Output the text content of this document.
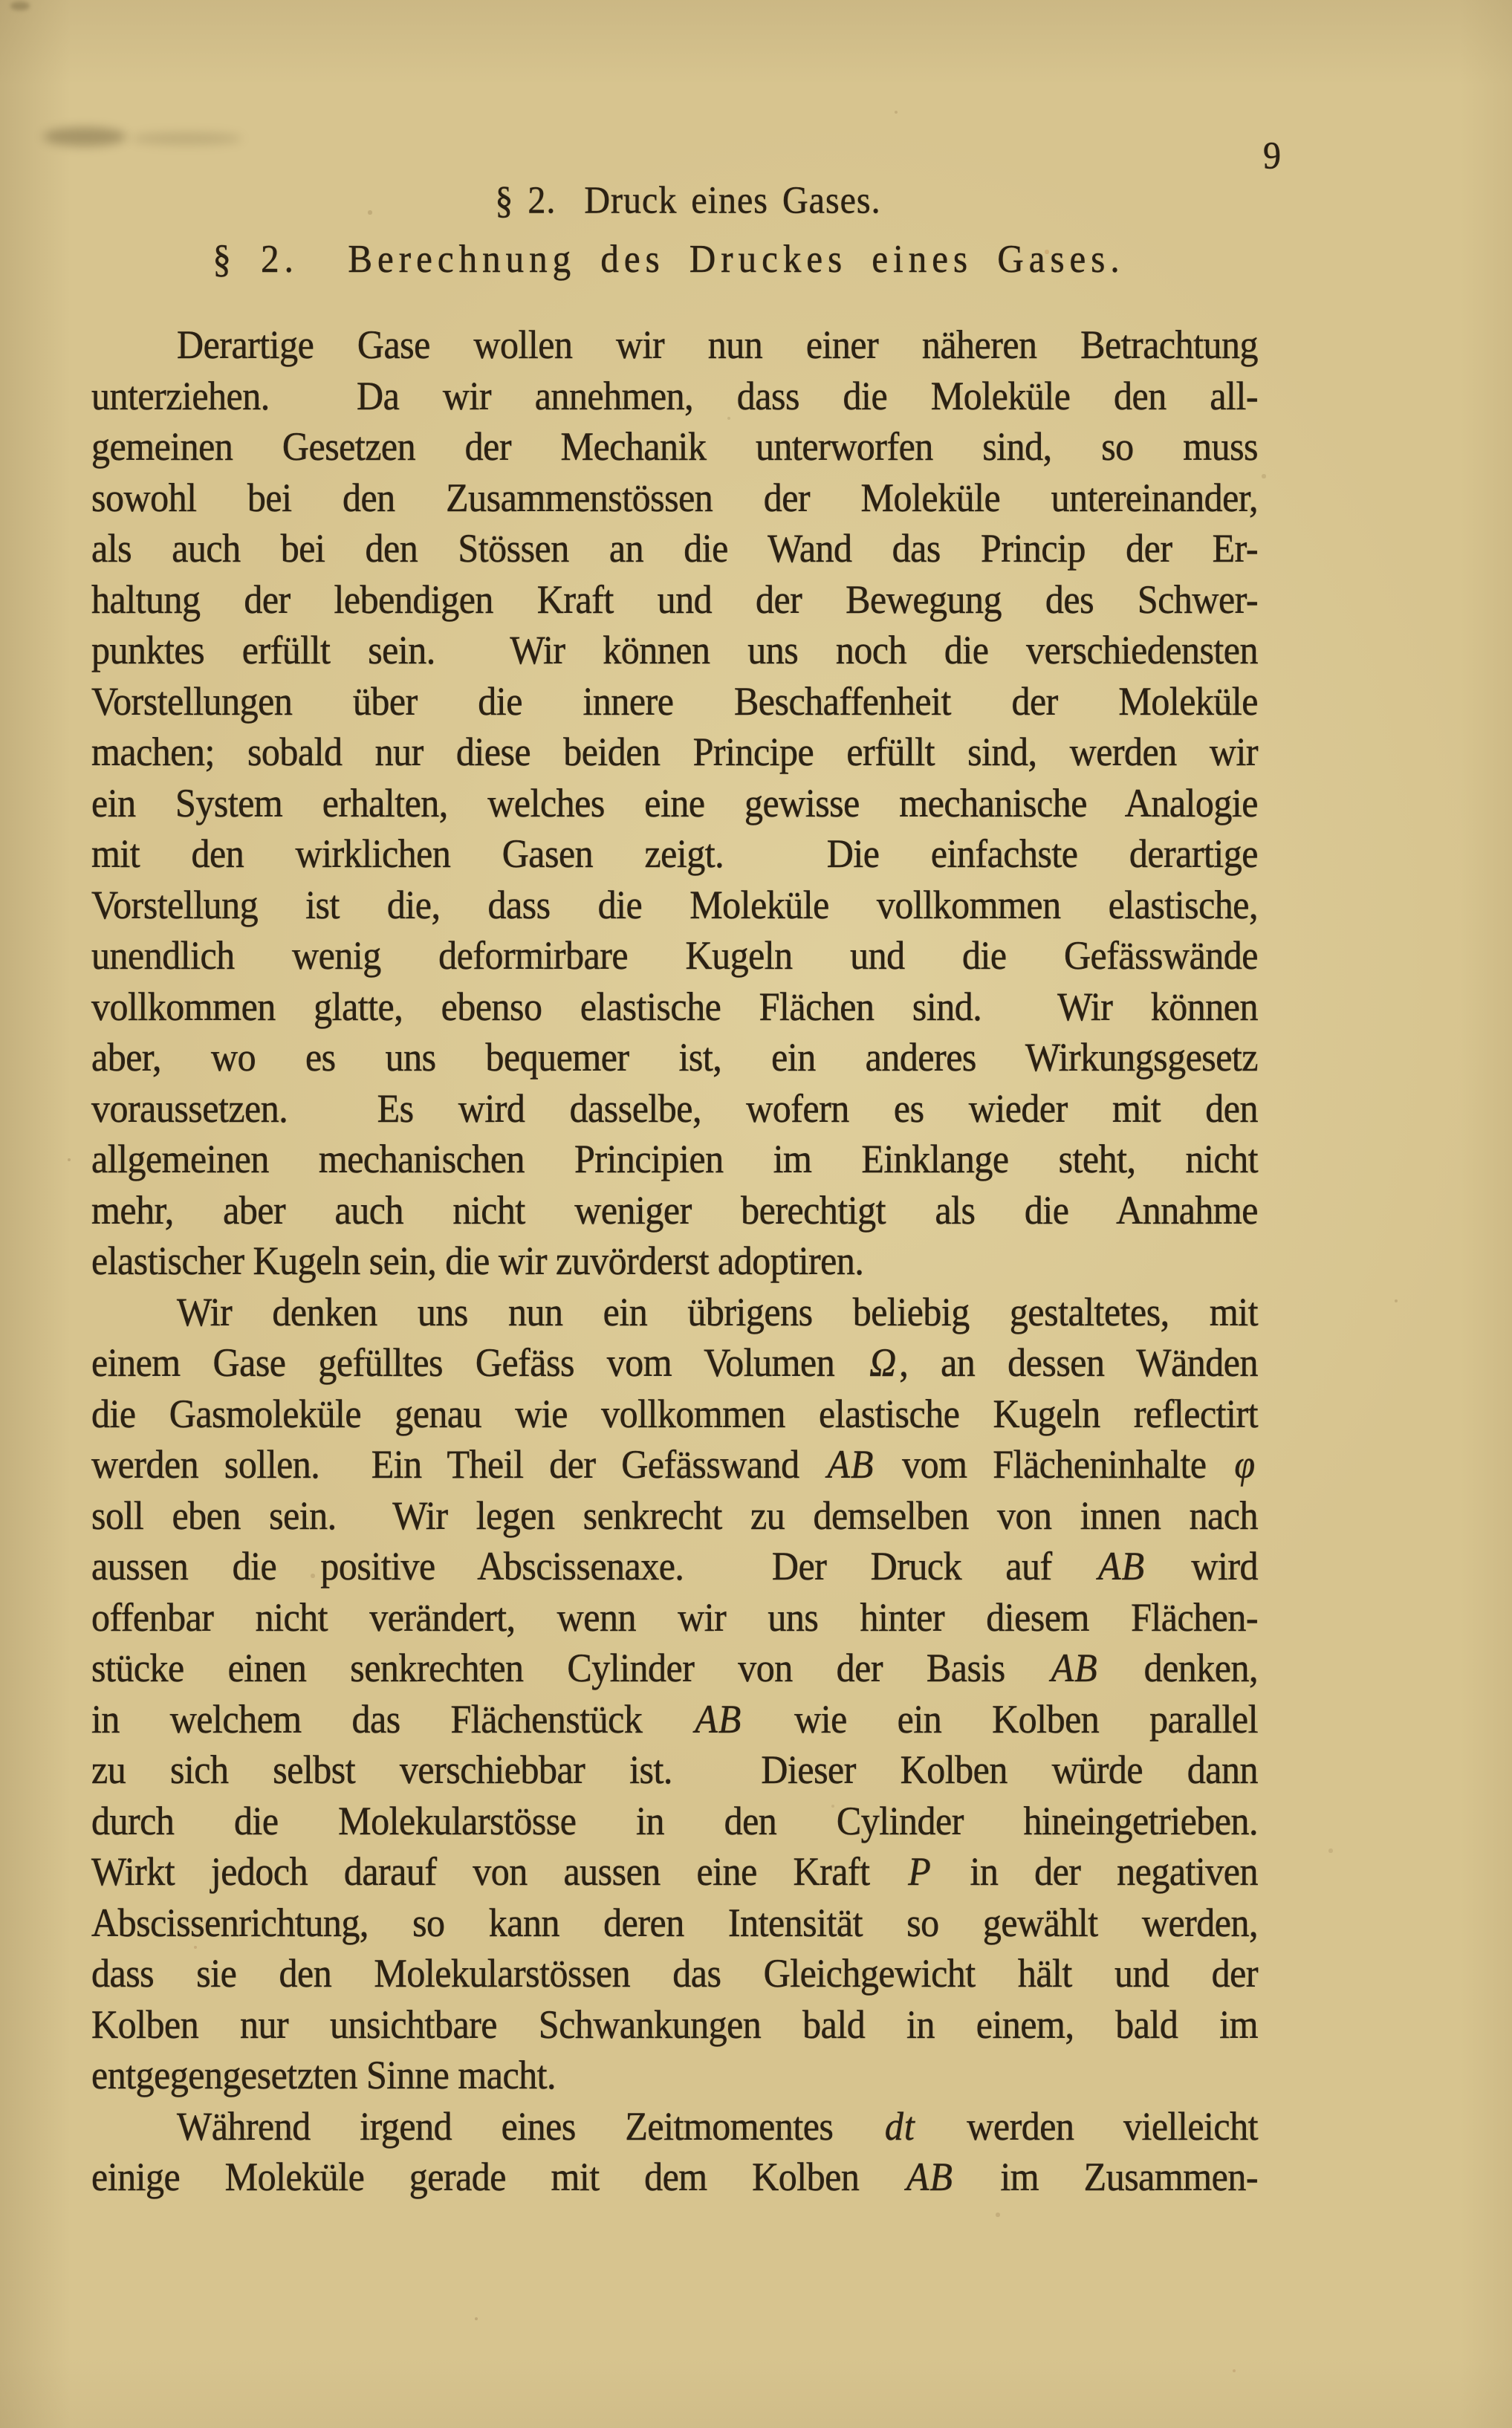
§ 2.  Druck eines Gases.

9

§ 2.  Berechnung des Druckes eines Gases.
Derartige Gase wollen wir nun einer näheren Betrachtung
unterziehen.  Da wir annehmen, dass die Moleküle den all-
gemeinen Gesetzen der Mechanik unterworfen sind, so muss
sowohl bei den Zusammenstössen der Moleküle untereinander,
als auch bei den Stössen an die Wand das Princip der Er-
haltung der lebendigen Kraft und der Bewegung des Schwer-
punktes erfüllt sein.  Wir können uns noch die verschiedensten
Vorstellungen über die innere Beschaffenheit der Moleküle
machen; sobald nur diese beiden Principe erfüllt sind, werden wir
ein System erhalten, welches eine gewisse mechanische Analogie
mit den wirklichen Gasen zeigt.  Die einfachste derartige
Vorstellung ist die, dass die Moleküle vollkommen elastische,
unendlich wenig deformirbare Kugeln und die Gefässwände
vollkommen glatte, ebenso elastische Flächen sind.  Wir können
aber, wo es uns bequemer ist, ein anderes Wirkungsgesetz
voraussetzen.  Es wird dasselbe, wofern es wieder mit den
allgemeinen mechanischen Principien im Einklange steht, nicht
mehr, aber auch nicht weniger berechtigt als die Annahme
elastischer Kugeln sein, die wir zuvörderst adoptiren.
Wir denken uns nun ein übrigens beliebig gestaltetes, mit
einem Gase gefülltes Gefäss vom Volumen Ω, an dessen Wänden
die Gasmoleküle genau wie vollkommen elastische Kugeln reflectirt
werden sollen.  Ein Theil der Gefässwand AB vom Flächeninhalte φ
soll eben sein.  Wir legen senkrecht zu demselben von innen nach
aussen die positive Abscissenaxe.  Der Druck auf AB wird
offenbar nicht verändert, wenn wir uns hinter diesem Flächen-
stücke einen senkrechten Cylinder von der Basis AB denken,
in welchem das Flächenstück AB wie ein Kolben parallel
zu sich selbst verschiebbar ist.  Dieser Kolben würde dann
durch die Molekularstösse in den Cylinder hineingetrieben.
Wirkt jedoch darauf von aussen eine Kraft P in der negativen
Abscissenrichtung, so kann deren Intensität so gewählt werden,
dass sie den Molekularstössen das Gleichgewicht hält und der
Kolben nur unsichtbare Schwankungen bald in einem, bald im
entgegengesetzten Sinne macht.
Während irgend eines Zeitmomentes dt werden vielleicht
einige Moleküle gerade mit dem Kolben AB im Zusammen-
